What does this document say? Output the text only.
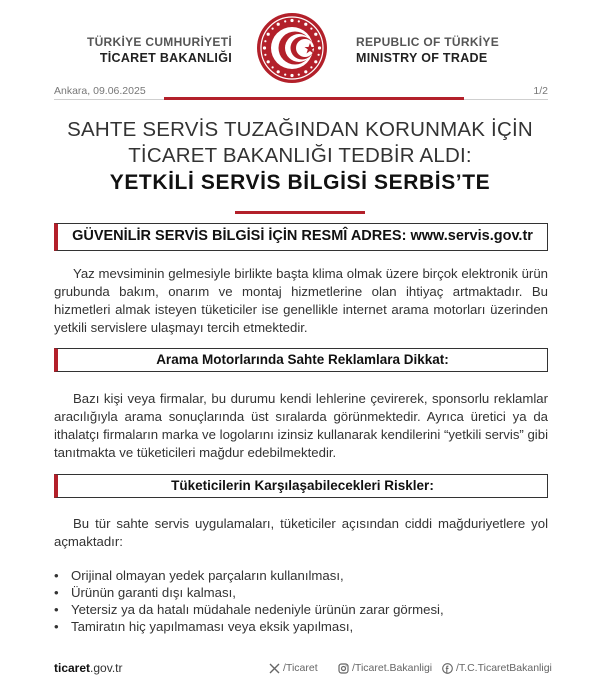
TÜRKİYE CUMHURİYETİ
TİCARET BAKANLIĞI
REPUBLIC OF TÜRKİYE
MINISTRY OF TRADE
Ankara, 09.06.2025	1/2
SAHTE SERVİS TUZAĞINDAN KORUNMAK İÇİN
TİCARET BAKANLIĞI TEDBİR ALDI:
YETKİLİ SERVİS BİLGİSİ SERBİS’TE
GÜVENİLİR SERVİS BİLGİSİ İÇİN RESMÎ ADRES: www.servis.gov.tr
Yaz mevsiminin gelmesiyle birlikte başta klima olmak üzere birçok elektronik ürün grubunda bakım, onarım ve montaj hizmetlerine olan ihtiyaç artmaktadır. Bu hizmetleri almak isteyen tüketiciler ise genellikle internet arama motorları üzerinden yetkili servislere ulaşmayı tercih etmektedir.
Arama Motorlarında Sahte Reklamlara Dikkat:
Bazı kişi veya firmalar, bu durumu kendi lehlerine çevirerek, sponsorlu reklamlar aracılığıyla arama sonuçlarında üst sıralarda görünmektedir. Ayrıca üretici ya da ithalatçı firmaların marka ve logolarını izinsiz kullanarak kendilerini “yetkili servis” gibi tanıtmakta ve tüketicileri mağdur edebilmektedir.
Tüketicilerin Karşılaşabilecekleri Riskler:
Bu tür sahte servis uygulamaları, tüketiciler açısından ciddi mağduriyetlere yol açmaktadır:
• Orijinal olmayan yedek parçaların kullanılması,
• Ürünün garanti dışı kalması,
• Yetersiz ya da hatalı müdahale nedeniyle ürünün zarar görmesi,
• Tamiratın hiç yapılmaması veya eksik yapılması,
ticaret.gov.tr	/Ticaret	/Ticaret.Bakanligi /T.C.TicaretBakanligi
